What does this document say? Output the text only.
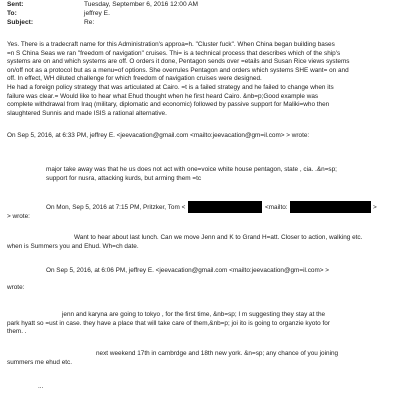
Sent:	Tuesday, September 6, 2016 12:00 AM
To:	jeffrey E.
Subject:	Re:
Yes. There is a tradecraft name for this Administration's approa=h. "Cluster fuck". When China began building bases
=n S China Seas we ran "freedom of navigation" cruises. Thi= is a technical process that describes which of the ship's
systems are on and which systems are off. O orders it done, Pentagon sends over =etails and Susan Rice views systems
on/off not as a protocol but as a menu=of options. She overrules Pentagon and orders which systems SHE want= on and
off. In effect, WH diluted challenge for which freedom of navigation cruises were designed.
He had a foreign policy strategy that was articulated at Cairo. =t is a failed strategy and he failed to change when its
failure was clear.= Would like to hear what Ehud thought when he first heard Cairo. &nb=p;Good example was
complete withdrawal from Iraq (military, diplomatic and economic) followed by passive support for Maliki=who then
slaughtered Sunnis and made ISIS a rational alternative.
On Sep 5, 2016, at 6:33 PM, jeffrey E. <jeevacation@gmail.com <mailto:jeevacation@gm=il.com> > wrote:
major take away was that he us does not act with one=voice white house pentagon, state , cia. .&n=sp;
support for nusra, attacking kurds, but arming them =tc
On Mon, Sep 5, 2016 at 7:15 PM, Pritzker, Tom <	<mailto:	>
> wrote:
Want to hear about last lunch. Can we move Jenn and K to Grand H=att. Closer to action, walking etc.
when is Summers you and Ehud. Wh=ch date.
On Sep 5, 2016, at 6:06 PM, jeffrey E. <jeevacation@gmail.com <mailto:jeevacation@gm=il.com> >
wrote:
jenn and karyna are going to tokyo , for the first time, &nb=sp; I m suggesting they stay at the
park hyatt so =ust in case. they have a place that will take care of them,&nb=p; joi ito is going to organzie kyoto for
them. .
next weekend 17th in cambrdge and 18th new york. &n=sp; any chance of you joining
summers me ehud etc.
...
